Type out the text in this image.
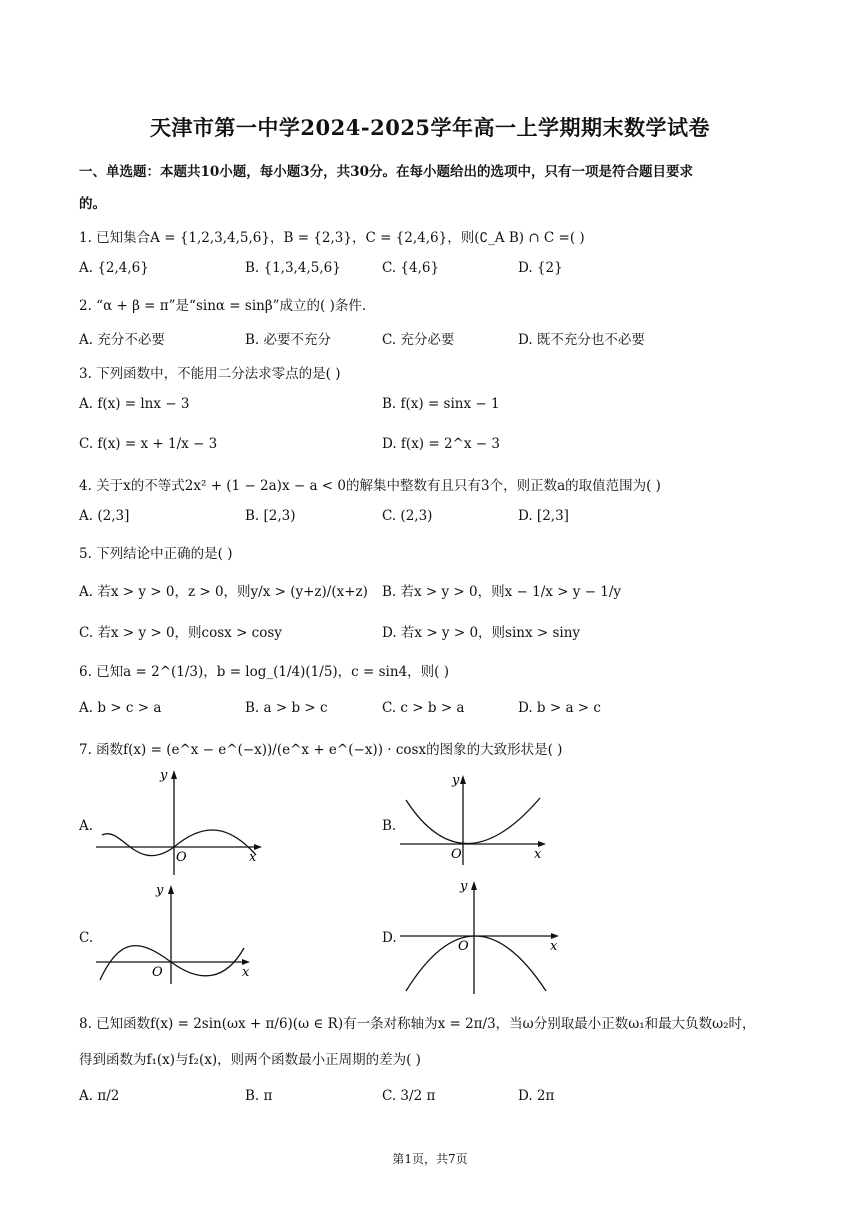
天津市第一中学2024-2025学年高一上学期期末数学试卷
一、单选题：本题共10小题，每小题3分，共30分。在每小题给出的选项中，只有一项是符合题目要求
的。
1. 已知集合A = {1,2,3,4,5,6}，B = {2,3}，C = {2,4,6}，则(∁_A B) ∩ C =( )
A. {2,4,6}	B. {1,3,4,5,6}	C. {4,6}	D. {2}
2. “α + β = π”是“sinα = sinβ”成立的( )条件.
A. 充分不必要	B. 必要不充分	C. 充分必要	D. 既不充分也不必要
3. 下列函数中，不能用二分法求零点的是( )
A. f(x) = lnx − 3	B. f(x) = sinx − 1
C. f(x) = x + 1/x − 3	D. f(x) = 2^x − 3
4. 关于x的不等式2x² + (1 − 2a)x − a < 0的解集中整数有且只有3个，则正数a的取值范围为( )
A. (2,3]	B. [2,3)	C. (2,3)	D. [2,3]
5. 下列结论中正确的是( )
A. 若x > y > 0，z > 0，则y/x > (y+z)/(x+z) B. 若x > y > 0，则x − 1/x > y − 1/y
C. 若x > y > 0，则cosx > cosy	D. 若x > y > 0，则sinx > siny
6. 已知a = 2^(1/3)，b = log_(1/4)(1/5)，c = sin4，则( )
A. b > c > a	B. a > b > c	C. c > b > a	D. b > a > c
7. 函数f(x) = (e^x − e^(−x))/(e^x + e^(−x)) · cosx的图象的大致形状是( )
A.
y
O	x
B.
y
O	x
C.
y
O	x
D.
y
O	x
8. 已知函数f(x) = 2sin(ωx + π/6)(ω ∈ R)有一条对称轴为x = 2π/3，当ω分别取最小正数ω₁和最大负数ω₂时，
得到函数为f₁(x)与f₂(x)，则两个函数最小正周期的差为( )
A. π/2	B. π	C. 3/2 π	D. 2π
第1页，共7页
